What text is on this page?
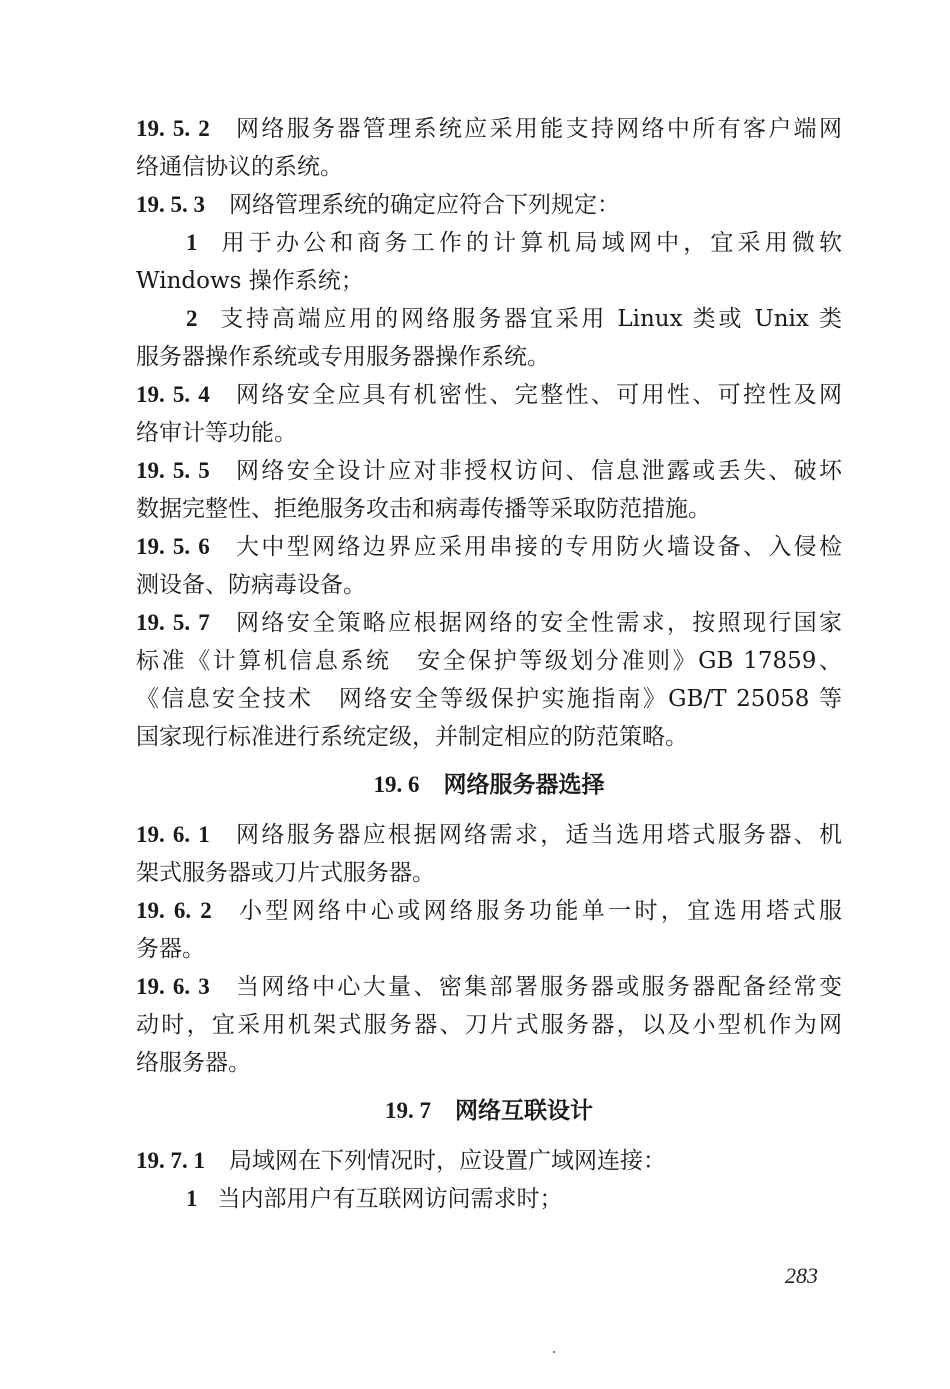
19. 5. 2 网络服务器管理系统应采用能支持网络中所有客户端网
络通信协议的系统。
19. 5. 3 网络管理系统的确定应符合下列规定：
1 用于办公和商务工作的计算机局域网中，宜采用微软
Windows 操作系统；
2 支持高端应用的网络服务器宜采用 Linux 类或 Unix 类
服务器操作系统或专用服务器操作系统。
19. 5. 4 网络安全应具有机密性、完整性、可用性、可控性及网
络审计等功能。
19. 5. 5 网络安全设计应对非授权访问、信息泄露或丢失、破坏
数据完整性、拒绝服务攻击和病毒传播等采取防范措施。
19. 5. 6 大中型网络边界应采用串接的专用防火墙设备、入侵检
测设备、防病毒设备。
19. 5. 7 网络安全策略应根据网络的安全性需求，按照现行国家
标准《计算机信息系统　安全保护等级划分准则》GB 17859、
《信息安全技术　网络安全等级保护实施指南》GB/T 25058 等
国家现行标准进行系统定级，并制定相应的防范策略。
19. 6 网络服务器选择
19. 6. 1 网络服务器应根据网络需求，适当选用塔式服务器、机
架式服务器或刀片式服务器。
19. 6. 2 小型网络中心或网络服务功能单一时，宜选用塔式服
务器。
19. 6. 3 当网络中心大量、密集部署服务器或服务器配备经常变
动时，宜采用机架式服务器、刀片式服务器，以及小型机作为网
络服务器。
19. 7 网络互联设计
19. 7. 1 局域网在下列情况时，应设置广域网连接：
1 当内部用户有互联网访问需求时；
283
